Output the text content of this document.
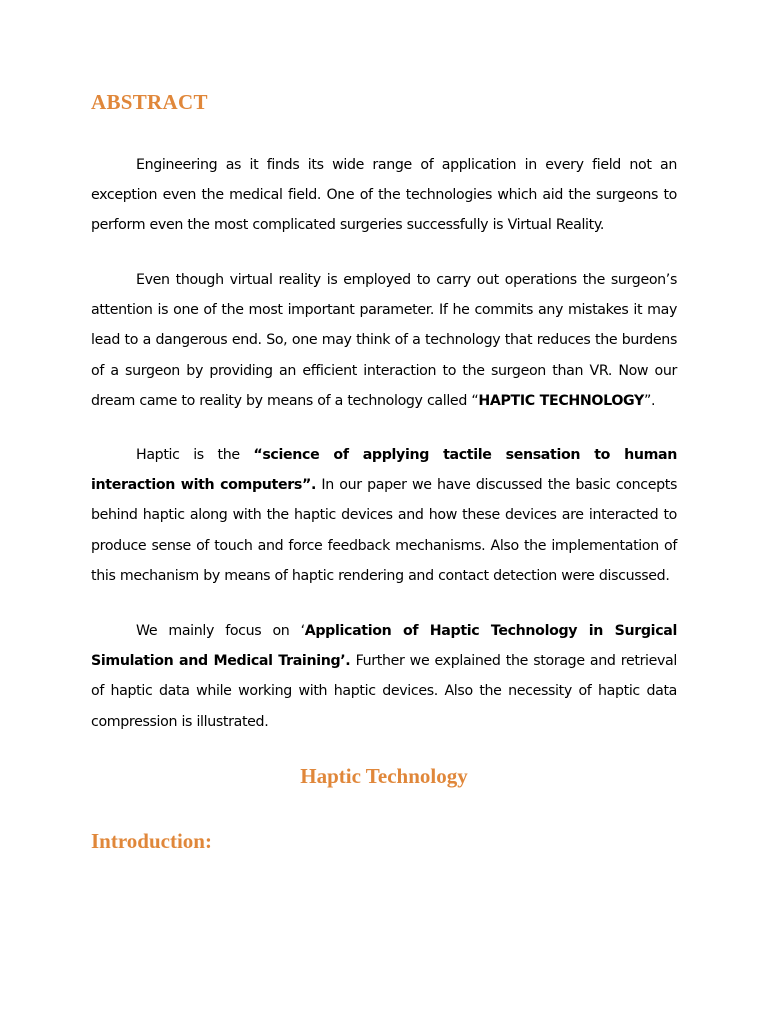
ABSTRACT

Engineering as it finds its wide range of application in every field not an exception even the medical field. One of the technologies which aid the surgeons to perform even the most complicated surgeries successfully is Virtual Reality.

Even though virtual reality is employed to carry out operations the surgeon’s attention is one of the most important parameter. If he commits any mistakes it may lead to a dangerous end. So, one may think of a technology that reduces the burdens of a surgeon by providing an efficient interaction to the surgeon than VR. Now our dream came to reality by means of a technology called “HAPTIC TECHNOLOGY”.

Haptic is the “science of applying tactile sensation to human interaction with computers”. In our paper we have discussed the basic concepts behind haptic along with the haptic devices and how these devices are interacted to produce sense of touch and force feedback mechanisms. Also the implementation of this mechanism by means of haptic rendering and contact detection were discussed.

We mainly focus on ‘Application of Haptic Technology in Surgical Simulation and Medical Training’. Further we explained the storage and retrieval of haptic data while working with haptic devices. Also the necessity of haptic data compression is illustrated.

Haptic Technology
Introduction:
